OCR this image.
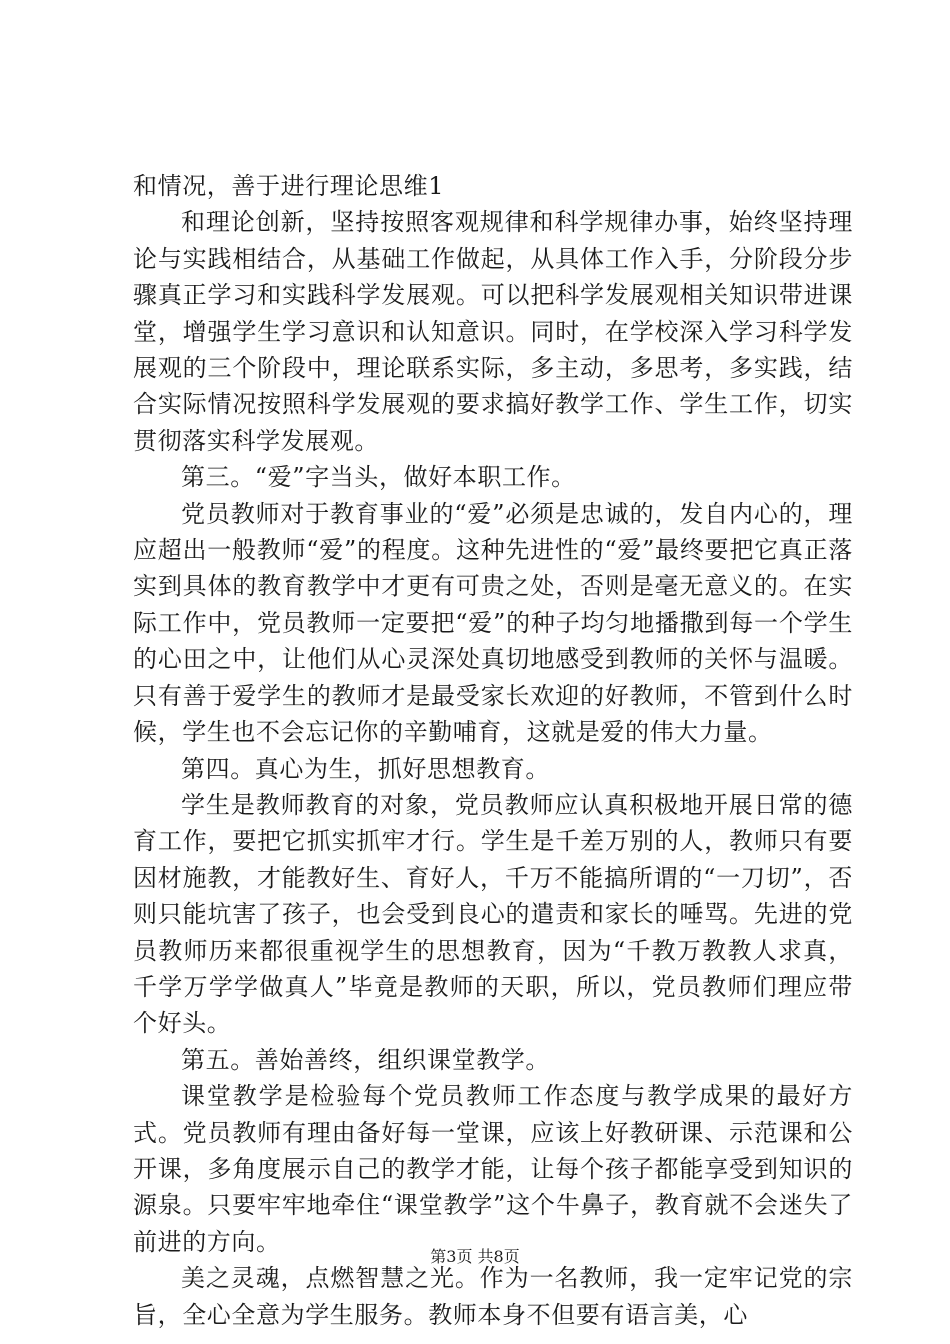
和情况，善于进行理论思维1

和理论创新，坚持按照客观规律和科学规律办事，始终坚持理论与实践相结合，从基础工作做起，从具体工作入手，分阶段分步骤真正学习和实践科学发展观。可以把科学发展观相关知识带进课堂，增强学生学习意识和认知意识。同时，在学校深入学习科学发展观的三个阶段中，理论联系实际，多主动，多思考，多实践，结合实际情况按照科学发展观的要求搞好教学工作、学生工作，切实贯彻落实科学发展观。

第三。“爱”字当头，做好本职工作。

党员教师对于教育事业的“爱”必须是忠诚的，发自内心的，理应超出一般教师“爱”的程度。这种先进性的“爱”最终要把它真正落实到具体的教育教学中才更有可贵之处，否则是毫无意义的。在实际工作中，党员教师一定要把“爱”的种子均匀地播撒到每一个学生的心田之中，让他们从心灵深处真切地感受到教师的关怀与温暖。只有善于爱学生的教师才是最受家长欢迎的好教师，不管到什么时候，学生也不会忘记你的辛勤哺育，这就是爱的伟大力量。

第四。真心为生，抓好思想教育。

学生是教师教育的对象，党员教师应认真积极地开展日常的德育工作，要把它抓实抓牢才行。学生是千差万别的人，教师只有要因材施教，才能教好生、育好人，千万不能搞所谓的“一刀切”，否则只能坑害了孩子，也会受到良心的遣责和家长的唾骂。先进的党员教师历来都很重视学生的思想教育，因为“千教万教教人求真，千学万学学做真人”毕竟是教师的天职，所以，党员教师们理应带个好头。

第五。善始善终，组织课堂教学。

课堂教学是检验每个党员教师工作态度与教学成果的最好方式。党员教师有理由备好每一堂课，应该上好教研课、示范课和公开课，多角度展示自己的教学才能，让每个孩子都能享受到知识的源泉。只要牢牢地牵住“课堂教学”这个牛鼻子，教育就不会迷失了前进的方向。

美之灵魂，点燃智慧之光。作为一名教师，我一定牢记党的宗旨，全心全意为学生服务。教师本身不但要有语言美，心

第3页 共8页
